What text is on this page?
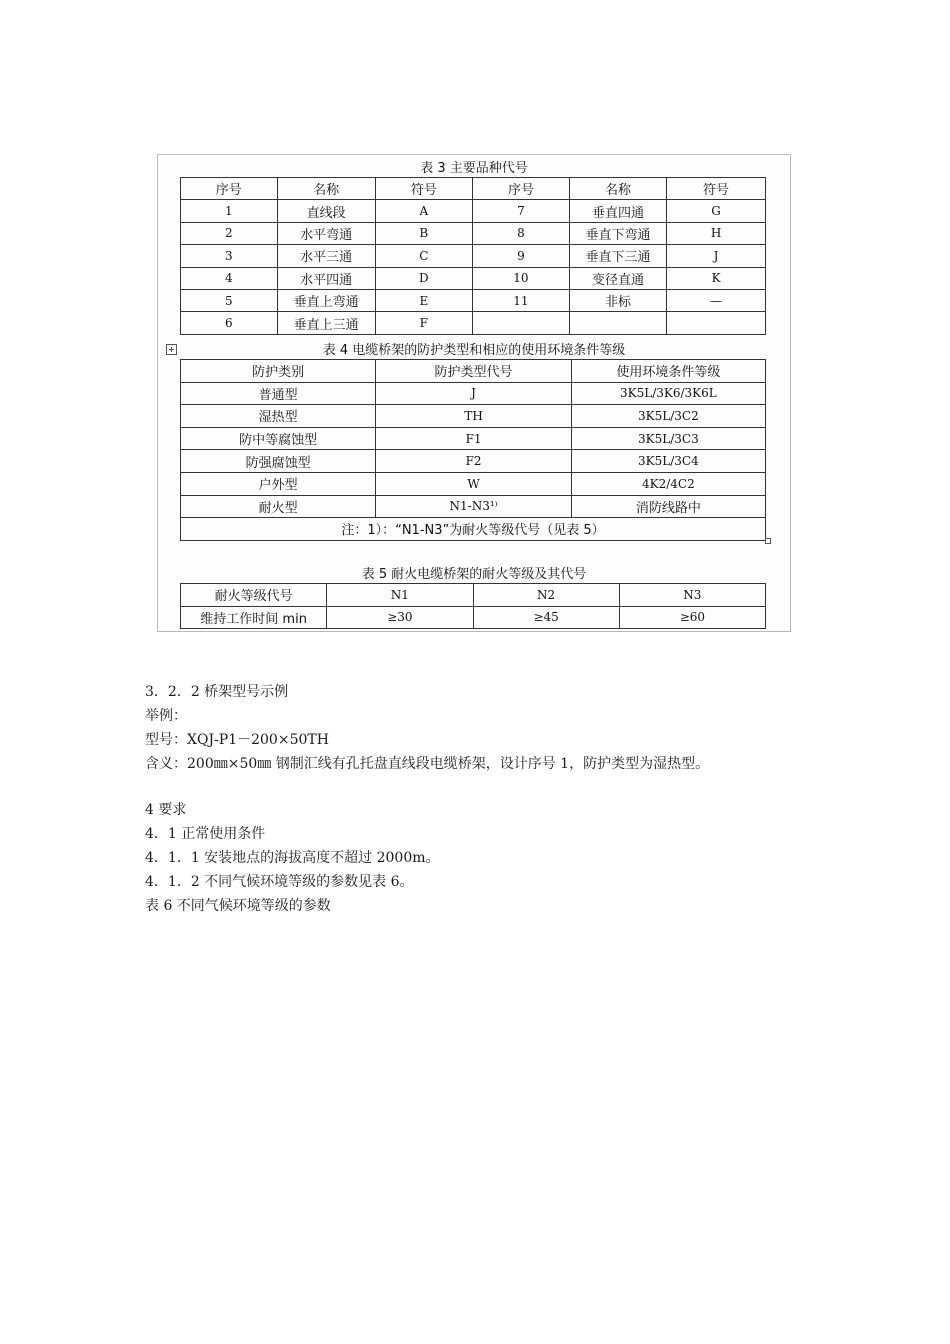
表 3 主要品种代号
序号	名称	符号	序号	名称	符号
1	直线段	A	7	垂直四通	G
2	水平弯通	B	8	垂直下弯通	H
3	水平三通	C	9	垂直下三通	J
4	水平四通	D	10	变径直通	K
5	垂直上弯通	E	11	非标	—
6	垂直上三通	F			
表 4 电缆桥架的防护类型和相应的使用环境条件等级
防护类别	防护类型代号	使用环境条件等级
普通型	J	3K5L/3K6/3K6L
湿热型	TH	3K5L/3C2
防中等腐蚀型	F1	3K5L/3C3
防强腐蚀型	F2	3K5L/3C4
户外型	W	4K2/4C2
耐火型	N1-N3¹⁾	消防线路中
注：1）：“N1-N3”为耐火等级代号（见表 5）		
表 5 耐火电缆桥架的耐火等级及其代号
耐火等级代号	N1	N2	N3
维持工作时间 min	≥30	≥45	≥60

3．2．2 桥架型号示例

举例：

型号：XQJ-P1－200×50TH

含义：200㎜×50㎜ 钢制汇线有孔托盘直线段电缆桥架，设计序号 1，防护类型为湿热型。

4 要求

4．1 正常使用条件

4．1．1 安装地点的海拔高度不超过 2000m。

4．1．2 不同气候环境等级的参数见表 6。

表 6 不同气候环境等级的参数
